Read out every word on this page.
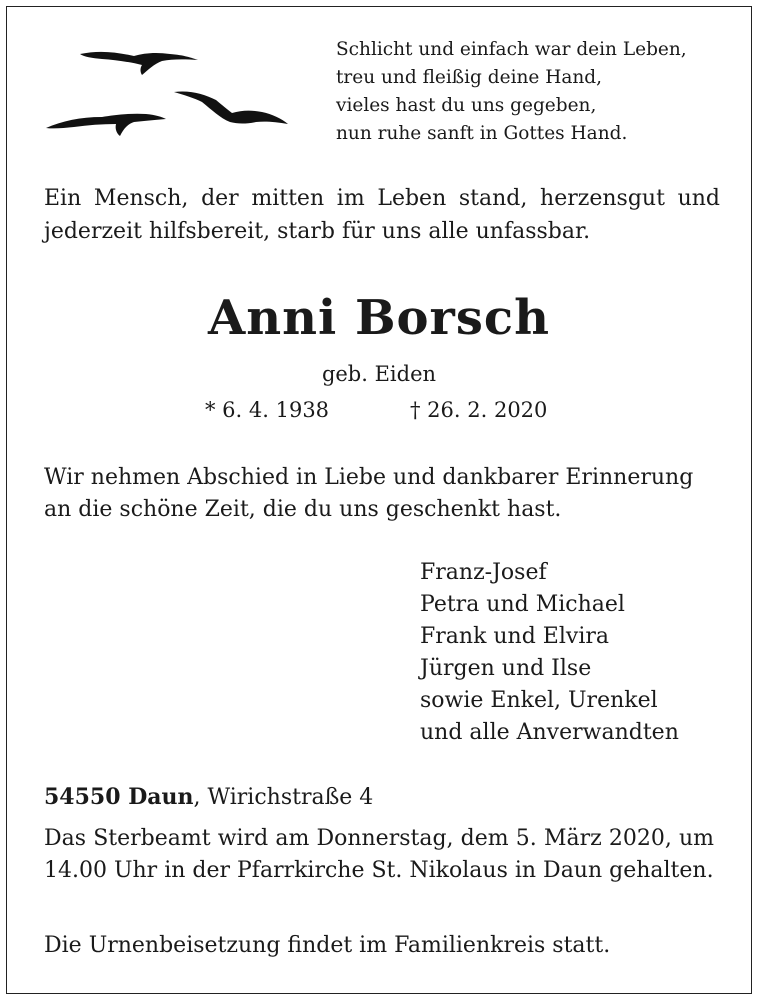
Schlicht und einfach war dein Leben,
treu und fleißig deine Hand,
vieles hast du uns gegeben,
nun ruhe sanft in Gottes Hand.
Ein Mensch, der mitten im Leben stand, herzensgut und jederzeit hilfsbereit, starb für uns alle unfassbar.
Anni Borsch
geb. Eiden
* 6. 4. 1938	† 26. 2. 2020
Wir nehmen Abschied in Liebe und dankbarer Erinnerung an die schöne Zeit, die du uns geschenkt hast.
Franz-Josef
Petra und Michael
Frank und Elvira
Jürgen und Ilse
sowie Enkel, Urenkel
und alle Anverwandten
54550 Daun, Wirichstraße 4
Das Sterbeamt wird am Donnerstag, dem 5. März 2020, um 14.00 Uhr in der Pfarrkirche St. Nikolaus in Daun gehalten.
Die Urnenbeisetzung findet im Familienkreis statt.
